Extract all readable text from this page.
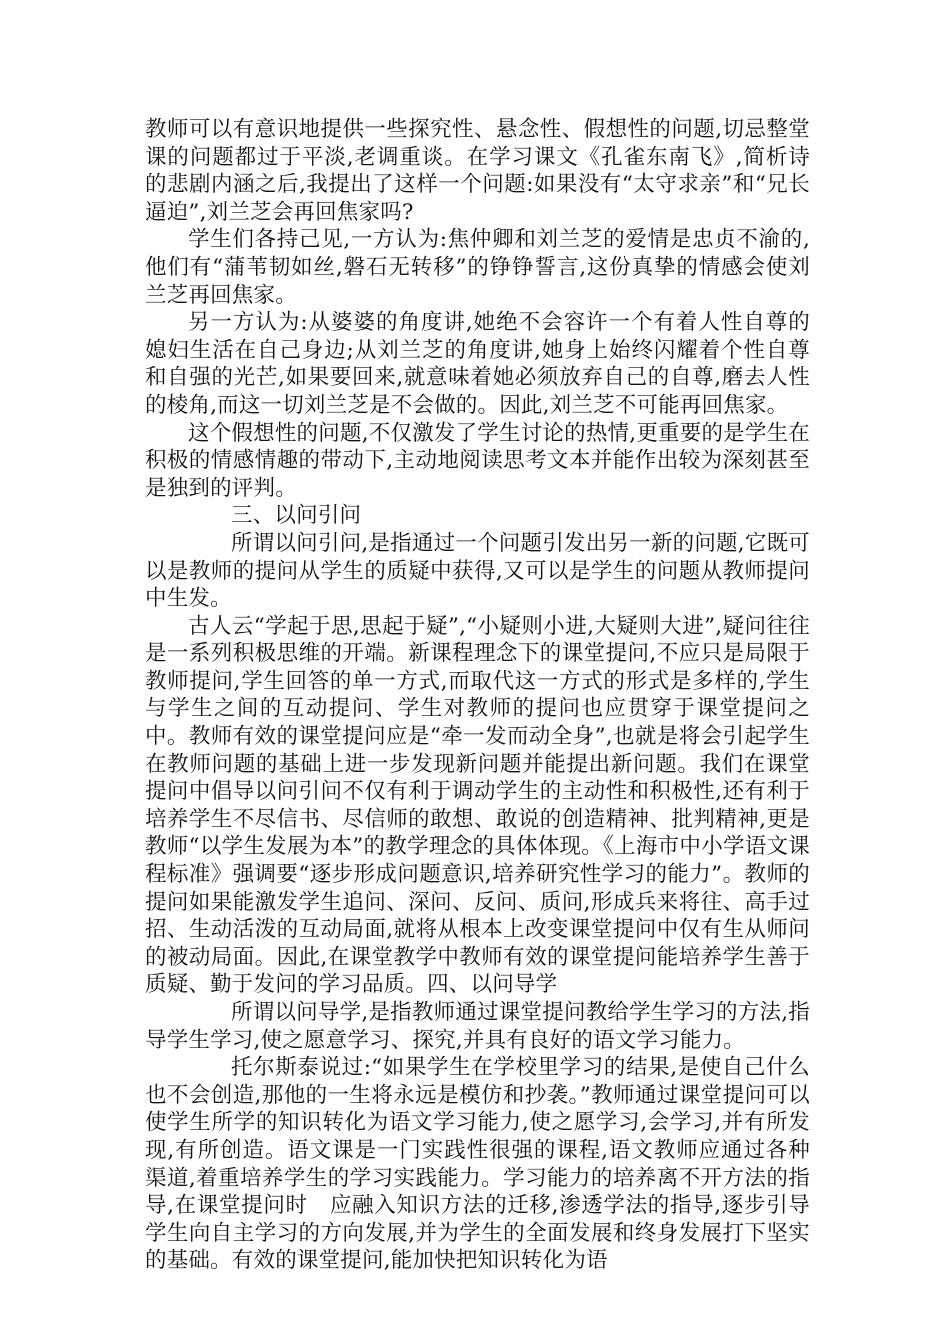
教师可以有意识地提供一些探究性、悬念性、假想性的问题,切忌整堂课的问题都过于平淡,老调重谈。在学习课文《孔雀东南飞》,简析诗的悲剧内涵之后,我提出了这样一个问题:如果没有“太守求亲”和“兄长逼迫”,刘兰芝会再回焦家吗?

学生们各持己见,一方认为:焦仲卿和刘兰芝的爱情是忠贞不渝的,他们有“蒲苇韧如丝,磐石无转移”的铮铮誓言,这份真挚的情感会使刘兰芝再回焦家。

另一方认为:从婆婆的角度讲,她绝不会容许一个有着人性自尊的媳妇生活在自己身边;从刘兰芝的角度讲,她身上始终闪耀着个性自尊和自强的光芒,如果要回来,就意味着她必须放弃自己的自尊,磨去人性的棱角,而这一切刘兰芝是不会做的。因此,刘兰芝不可能再回焦家。

这个假想性的问题,不仅激发了学生讨论的热情,更重要的是学生在积极的情感情趣的带动下,主动地阅读思考文本并能作出较为深刻甚至是独到的评判。

三、以问引问

所谓以问引问,是指通过一个问题引发出另一新的问题,它既可以是教师的提问从学生的质疑中获得,又可以是学生的问题从教师提问中生发。

古人云“学起于思,思起于疑”,“小疑则小进,大疑则大进”,疑问往往是一系列积极思维的开端。新课程理念下的课堂提问,不应只是局限于教师提问,学生回答的单一方式,而取代这一方式的形式是多样的,学生与学生之间的互动提问、学生对教师的提问也应贯穿于课堂提问之中。教师有效的课堂提问应是“牵一发而动全身”,也就是将会引起学生在教师问题的基础上进一步发现新问题并能提出新问题。我们在课堂提问中倡导以问引问不仅有利于调动学生的主动性和积极性,还有利于培养学生不尽信书、尽信师的敢想、敢说的创造精神、批判精神,更是教师“以学生发展为本”的教学理念的具体体现。《上海市中小学语文课程标准》强调要“逐步形成问题意识,培养研究性学习的能力”。教师的提问如果能激发学生追问、深问、反问、质问,形成兵来将往、高手过招、生动活泼的互动局面,就将从根本上改变课堂提问中仅有生从师问的被动局面。因此,在课堂教学中教师有效的课堂提问能培养学生善于质疑、勤于发问的学习品质。四、以问导学

所谓以问导学,是指教师通过课堂提问教给学生学习的方法,指导学生学习,使之愿意学习、探究,并具有良好的语文学习能力。

托尔斯泰说过:“如果学生在学校里学习的结果,是使自己什么也不会创造,那他的一生将永远是模仿和抄袭。”教师通过课堂提问可以使学生所学的知识转化为语文学习能力,使之愿学习,会学习,并有所发现,有所创造。语文课是一门实践性很强的课程,语文教师应通过各种渠道,着重培养学生的学习实践能力。学习能力的培养离不开方法的指导,在课堂提问时　应融入知识方法的迁移,渗透学法的指导,逐步引导学生向自主学习的方向发展,并为学生的全面发展和终身发展打下坚实的基础。有效的课堂提问,能加快把知识转化为语
